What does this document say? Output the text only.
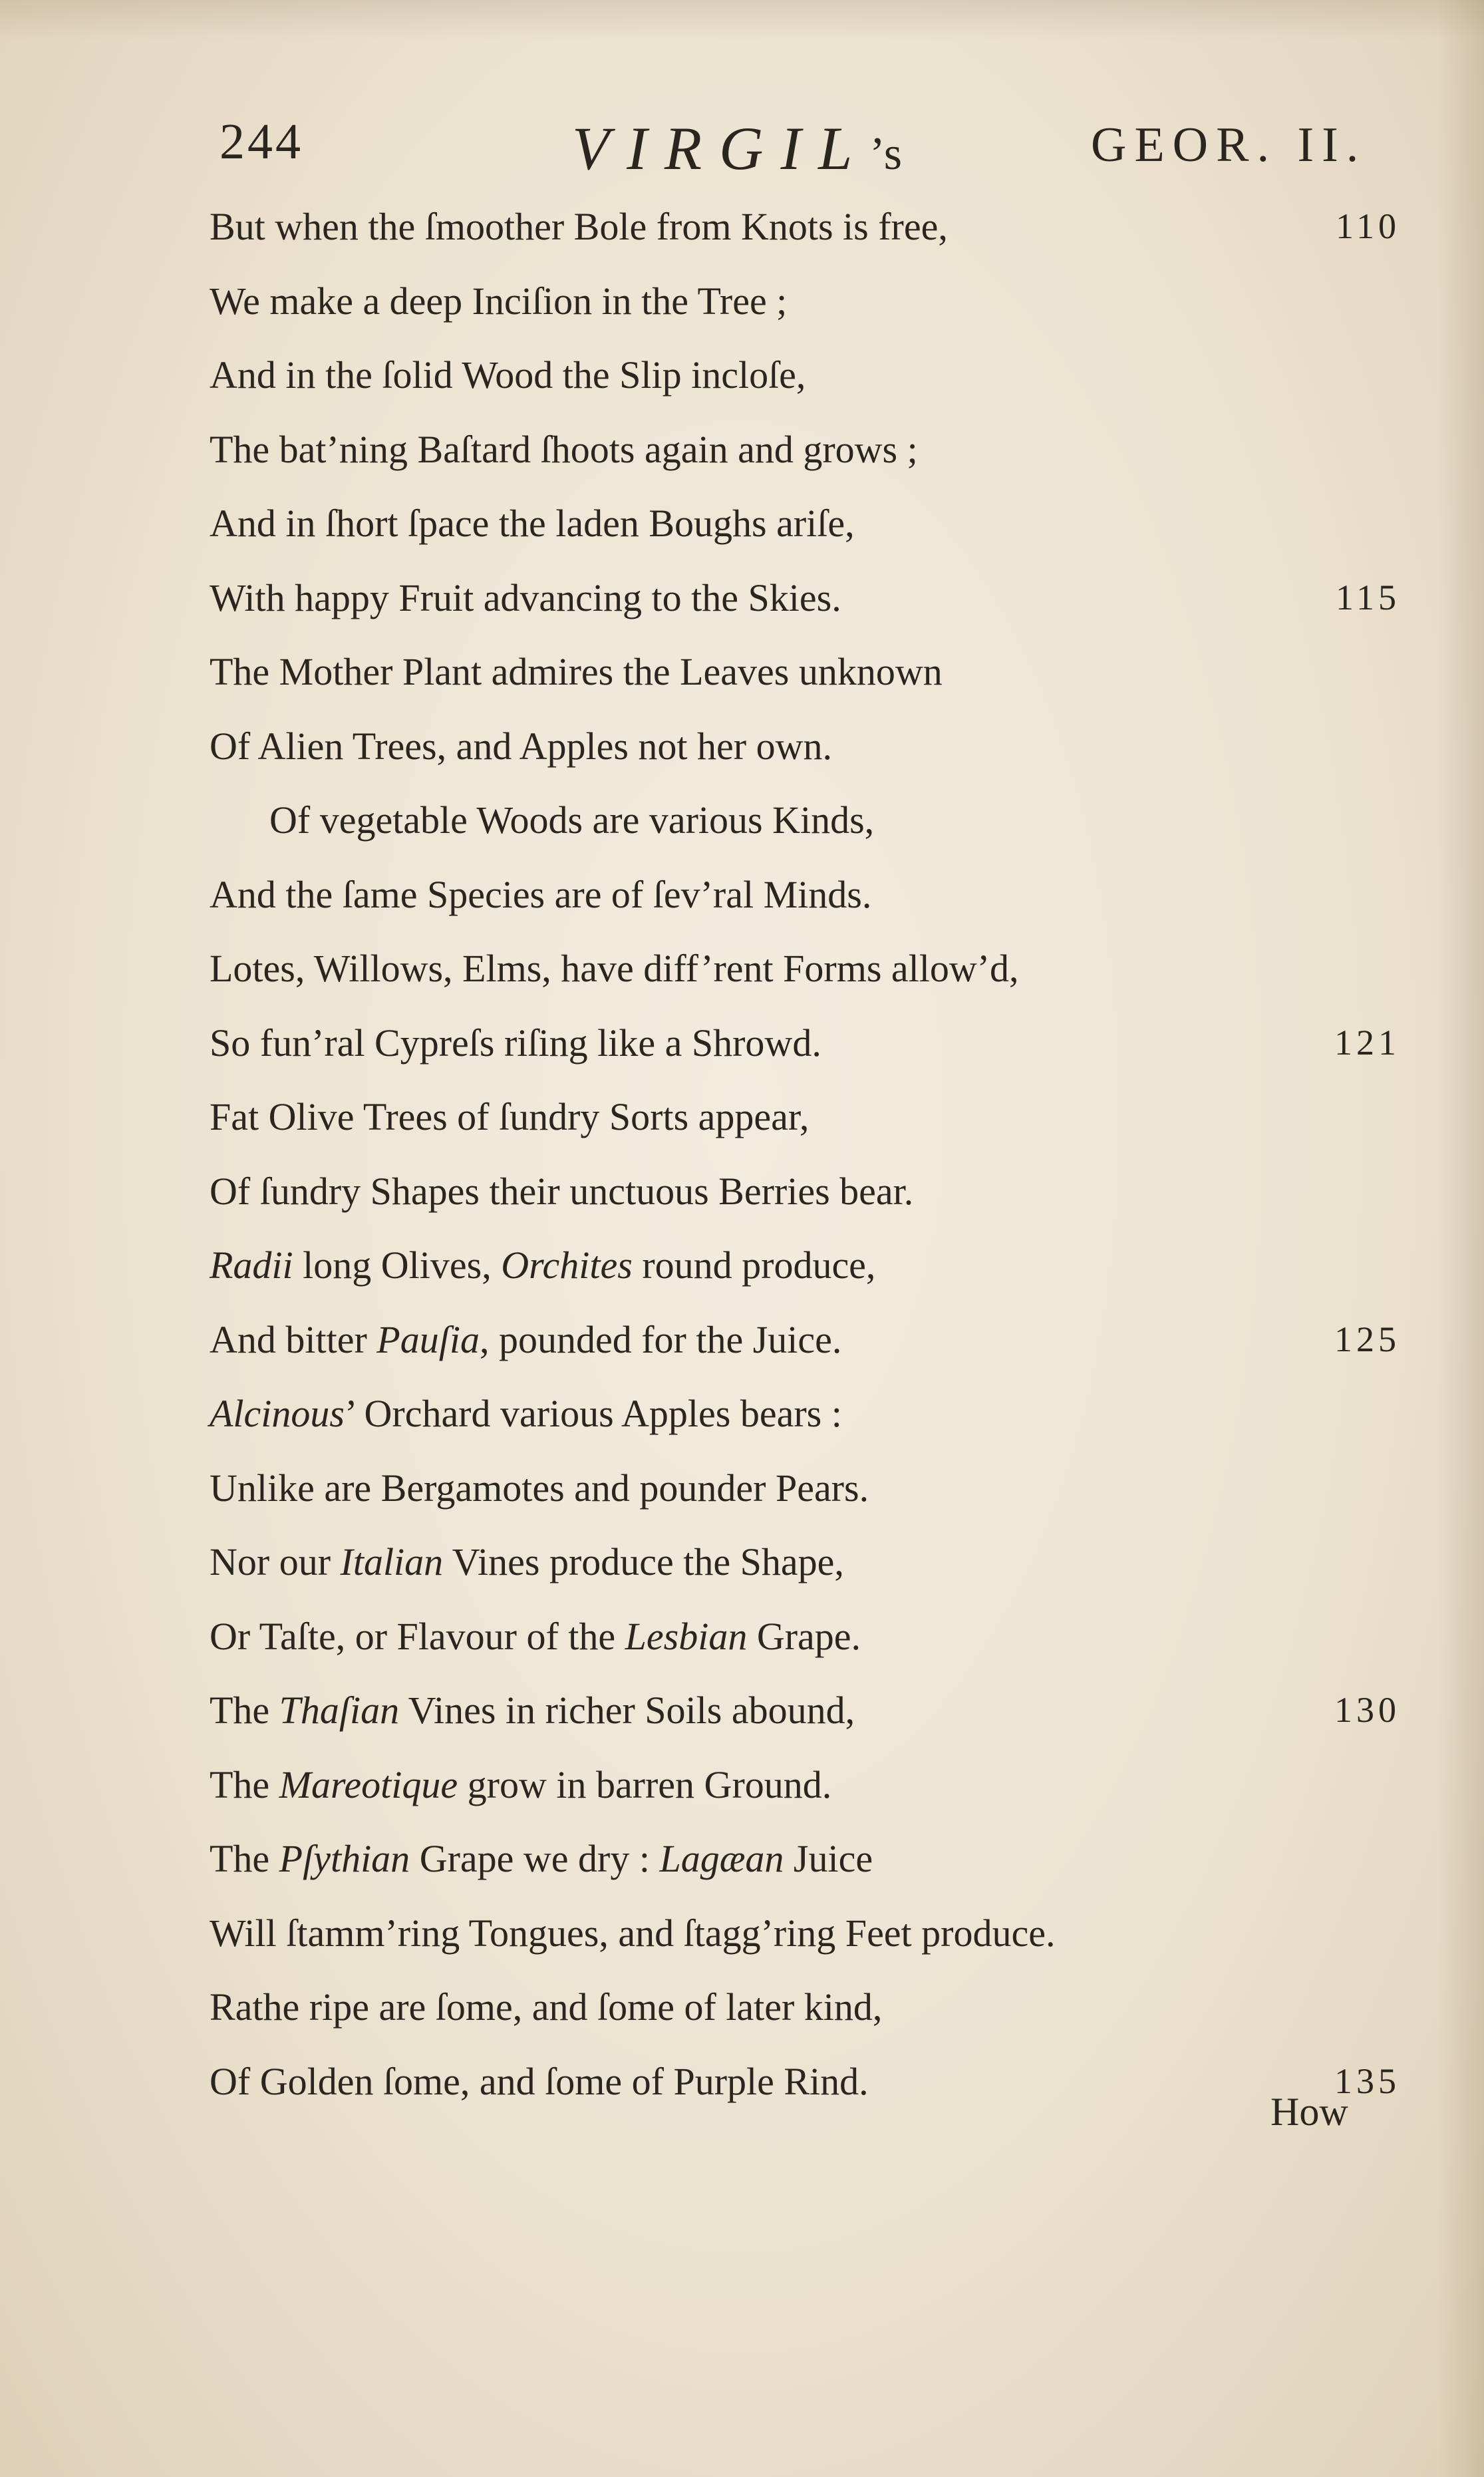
244	VIRGIL’s	GEOR. II.
But when the ſmoother Bole from Knots is free,	110
We make a deep Inciſion in the Tree ;
And in the ſolid Wood the Slip incloſe,
The bat’ning Baſtard ſhoots again and grows ;
And in ſhort ſpace the laden Boughs ariſe,
With happy Fruit advancing to the Skies.	115
The Mother Plant admires the Leaves unknown
Of Alien Trees, and Apples not her own.
Of vegetable Woods are various Kinds,
And the ſame Species are of ſev’ral Minds.
Lotes, Willows, Elms, have diff’rent Forms allow’d,
So fun’ral Cypreſs riſing like a Shrowd.	121
Fat Olive Trees of ſundry Sorts appear,
Of ſundry Shapes their unctuous Berries bear.
Radii long Olives, Orchites round produce,
And bitter Pauſia, pounded for the Juice.	125
Alcinous’ Orchard various Apples bears :
Unlike are Bergamotes and pounder Pears.
Nor our Italian Vines produce the Shape,
Or Taſte, or Flavour of the Lesbian Grape.
The Thaſian Vines in richer Soils abound,	130
The Mareotique grow in barren Ground.
The Pſythian Grape we dry : Lagæan Juice
Will ſtamm’ring Tongues, and ſtagg’ring Feet produce.
Rathe ripe are ſome, and ſome of later kind,
Of Golden ſome, and ſome of Purple Rind.	135
How
